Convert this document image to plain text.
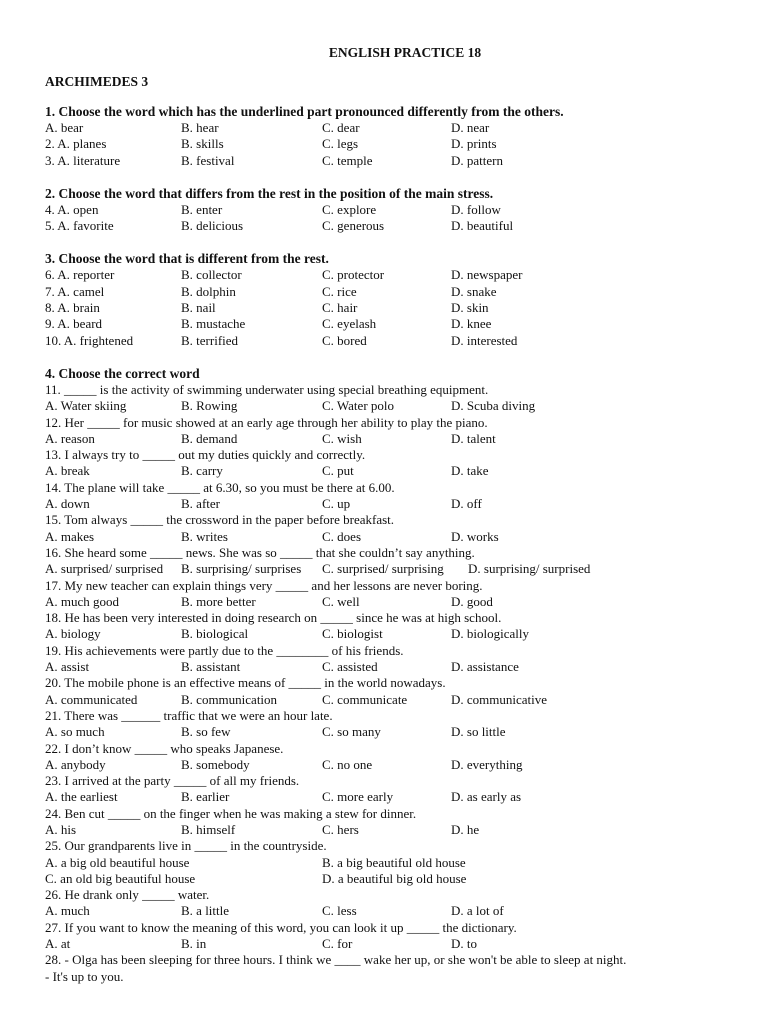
ENGLISH PRACTICE 18
ARCHIMEDES 3
1. Choose the word which has the underlined part pronounced differently from the others.
A. bear	B. hear	C. dear	D. near
2. A. planes	B. skills	C. legs	D. prints
3. A. literature	B. festival	C. temple	D. pattern
2. Choose the word that differs from the rest in the position of the main stress.
4. A. open	B. enter	C. explore	D. follow
5. A. favorite	B. delicious	C. generous	D. beautiful
3. Choose the word that is different from the rest.
6. A. reporter	B. collector	C. protector	D. newspaper
7. A. camel	B. dolphin	C. rice	D. snake
8. A. brain	B. nail	C. hair	D. skin
9. A. beard	B. mustache	C. eyelash	D. knee
10. A. frightened	B. terrified	C. bored	D. interested
4. Choose the correct word
11. _____ is the activity of swimming underwater using special breathing equipment.
A. Water skiing	B. Rowing	C. Water polo	D. Scuba diving
12. Her _____ for music showed at an early age through her ability to play the piano.
A. reason	B. demand	C. wish	D. talent
13. I always try to _____ out my duties quickly and correctly.
A. break	B. carry	C. put	D. take
14. The plane will take _____ at 6.30, so you must be there at 6.00.
A. down	B. after	C. up	D. off
15. Tom always _____ the crossword in the paper before breakfast.
A. makes	B. writes	C. does	D. works
16. She heard some _____ news. She was so _____ that she couldn’t say anything.
A. surprised/ surprised B. surprising/ surprises C. surprised/ surprising D. surprising/ surprised
17. My new teacher can explain things very _____ and her lessons are never boring.
A. much good	B. more better	C. well	D. good
18. He has been very interested in doing research on _____ since he was at high school.
A. biology	B. biological	C. biologist	D. biologically
19. His achievements were partly due to the ________ of his friends.
A. assist	B. assistant	C. assisted	D. assistance
20. The mobile phone is an effective means of _____ in the world nowadays.
A. communicated	B. communication	C. communicate	D. communicative
21. There was ______ traffic that we were an hour late.
A. so much	B. so few	C. so many	D. so little
22. I don’t know _____ who speaks Japanese.
A. anybody	B. somebody	C. no one	D. everything
23. I arrived at the party _____ of all my friends.
A. the earliest	B. earlier	C. more early	D. as early as
24. Ben cut _____ on the finger when he was making a stew for dinner.
A. his	B. himself	C. hers	D. he
25. Our grandparents live in _____ in the countryside.
A. a big old beautiful house	B. a big beautiful old house
C. an old big beautiful house	D. a beautiful big old house
26. He drank only _____ water.
A. much	B. a little	C. less	D. a lot of
27. If you want to know the meaning of this word, you can look it up _____ the dictionary.
A. at	B. in	C. for	D. to
28. - Olga has been sleeping for three hours. I think we ____ wake her up, or she won't be able to sleep at night.
- It's up to you.
